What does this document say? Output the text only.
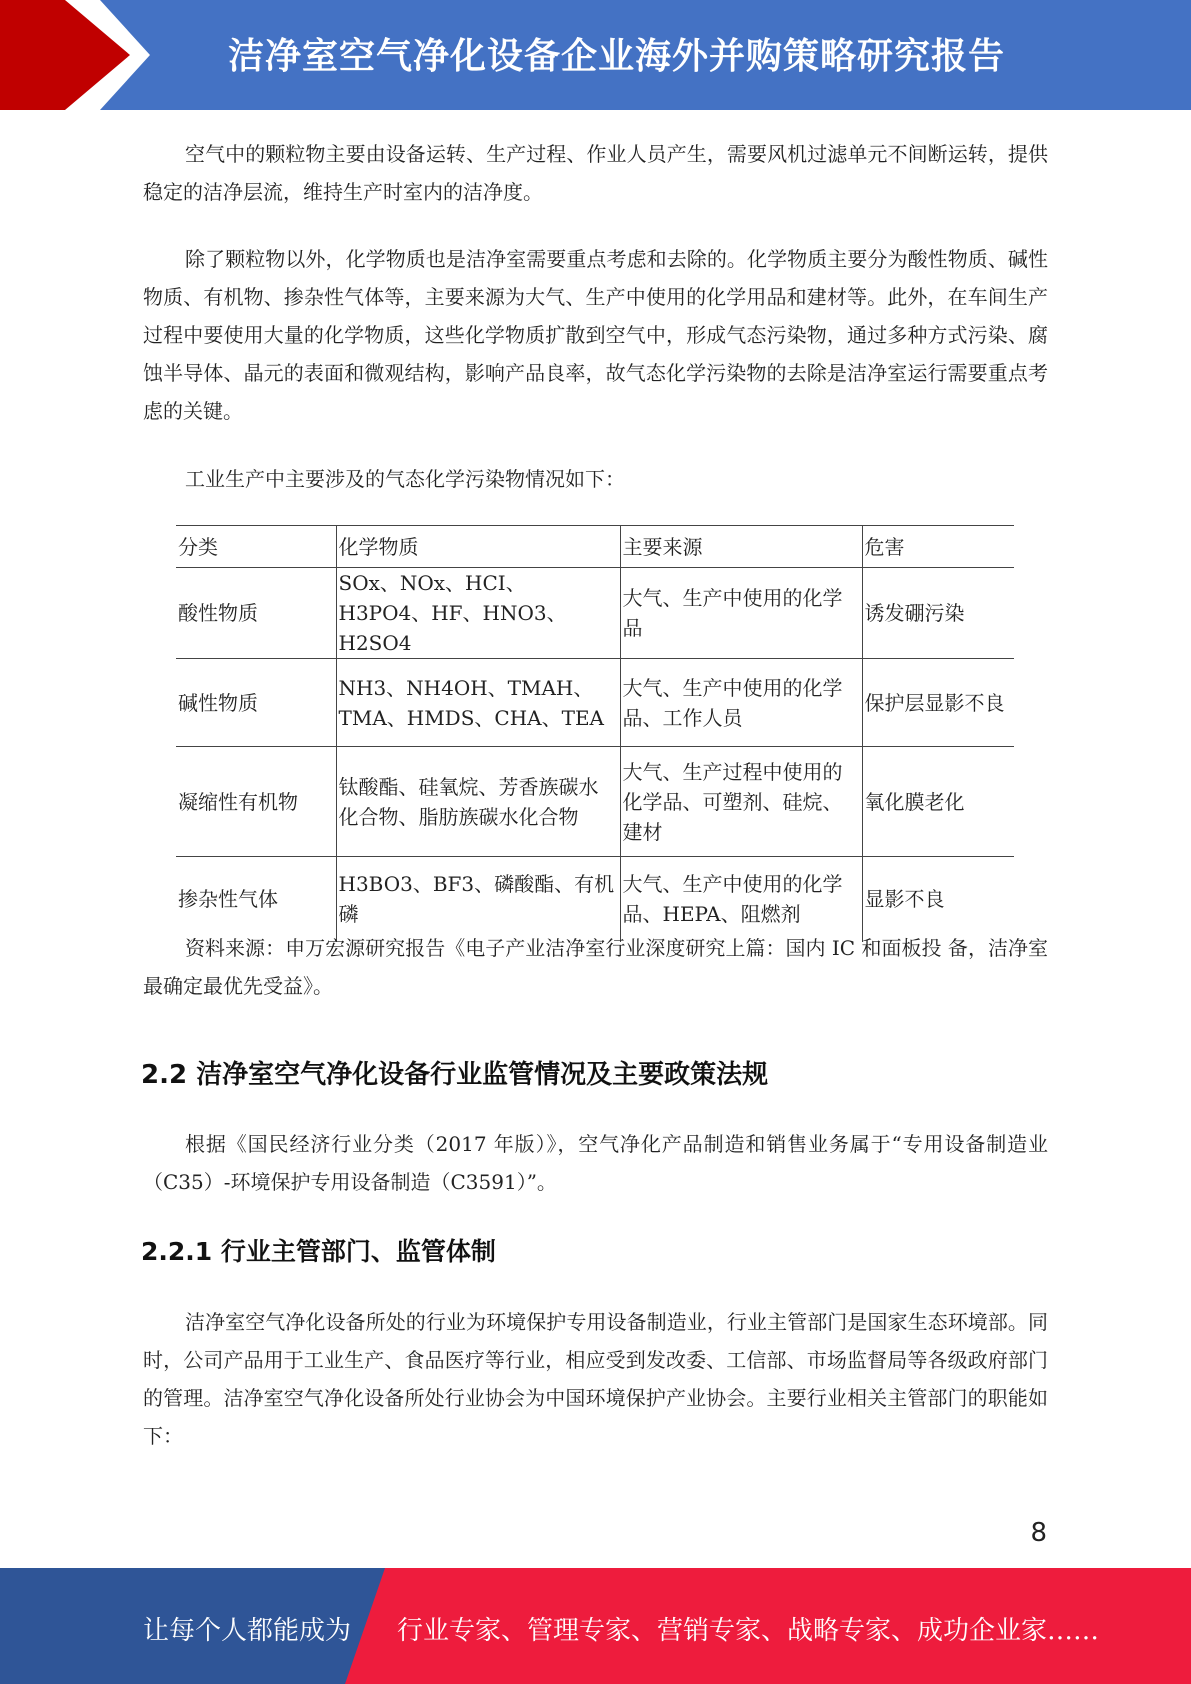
洁净室空气净化设备企业海外并购策略研究报告

空气中的颗粒物主要由设备运转、生产过程、作业人员产生，需要风机过滤单元不间断运转，提供稳定的洁净层流，维持生产时室内的洁净度。

除了颗粒物以外，化学物质也是洁净室需要重点考虑和去除的。化学物质主要分为酸性物质、碱性物质、有机物、掺杂性气体等，主要来源为大气、生产中使用的化学用品和建材等。此外，在车间生产过程中要使用大量的化学物质，这些化学物质扩散到空气中，形成气态污染物，通过多种方式污染、腐蚀半导体、晶元的表面和微观结构，影响产品良率，故气态化学污染物的去除是洁净室运行需要重点考虑的关键。

工业生产中主要涉及的气态化学污染物情况如下：

分类	化学物质	主要来源	危害
酸性物质	SOx、NOx、HCI、H3PO4、HF、HNO3、H2SO4	大气、生产中使用的化学品	诱发硼污染
碱性物质	NH3、NH4OH、TMAH、TMA、HMDS、CHA、TEA	大气、生产中使用的化学品、工作人员	保护层显影不良
凝缩性有机物	钛酸酯、硅氧烷、芳香族碳水化合物、脂肪族碳水化合物	大气、生产过程中使用的化学品、可塑剂、硅烷、建材	氧化膜老化
掺杂性气体	H3BO3、BF3、磷酸酯、有机磷	大气、生产中使用的化学品、HEPA、阻燃剂	显影不良

资料来源：申万宏源研究报告《电子产业洁净室行业深度研究上篇：国内 IC 和面板投 备，洁净室最确定最优先受益》。

2.2 洁净室空气净化设备行业监管情况及主要政策法规

根据《国民经济行业分类（2017 年版）》，空气净化产品制造和销售业务属于“专用设备制造业（C35）-环境保护专用设备制造（C3591）”。

2.2.1 行业主管部门、监管体制

洁净室空气净化设备所处的行业为环境保护专用设备制造业，行业主管部门是国家生态环境部。同时，公司产品用于工业生产、食品医疗等行业，相应受到发改委、工信部、市场监督局等各级政府部门的管理。洁净室空气净化设备所处行业协会为中国环境保护产业协会。主要行业相关主管部门的职能如下：

8
让每个人都能成为 行业专家、管理专家、营销专家、战略专家、成功企业家……
